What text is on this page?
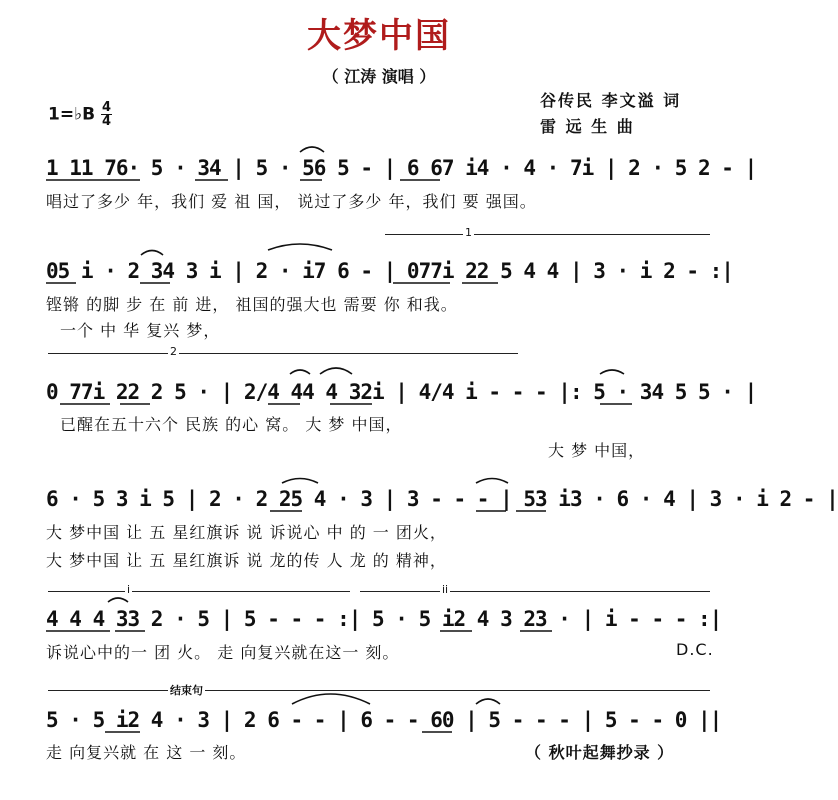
大梦中国
（ 江涛 演唱 ）
谷传民 李文溢 词
雷 远 生 曲
1=♭B $\frac{4}{4}$
1 11 76· 5 · 34 | 5 · 56 5 - | 6 67 i4 · 4 · 7i | 2 · 5 2 - |
唱过了多少 年，我们 爱 祖 国， 说过了多少 年，我们 要 强国。
1
05 i · 2 34 3 i | 2 · i7 6 - | 077i 22 5 4 4 | 3 · i 2 - :|
铿锵 的脚 步 在 前 进， 祖国的强大也 需要 你 和我。
一个 中 华 复兴 梦，
2
0 77i 22 2 5 · | 2/4 44 4 32i | 4/4 i - - - |: 5 · 34 5 5 · |
已醒在五十六个 民族 的心 窝。 大 梦 中国，
大 梦 中国，
6 · 5 3 i 5 | 2 · 2 25 4 · 3 | 3 - - - | 53 i3 · 6 · 4 | 3 · i 2 - |
大 梦中国 让 五 星红旗诉 说 诉说心 中 的 一 团火，
大 梦中国 让 五 星红旗诉 说 龙的传 人 龙 的 精神，
i	ii
4 4 4 33 2 · 5 | 5 - - - :| 5 · 5 i2 4 3 23 · | i - - - :|
诉说心中的一 团 火。 走 向复兴就在这一 刻。	D.C.
结束句
5 · 5 i2 4 · 3 | 2 6 - - | 6 - - 60 | 5 - - - | 5 - - 0 ||
走 向复兴就 在 这 一 刻。	（ 秋叶起舞抄录 ）
